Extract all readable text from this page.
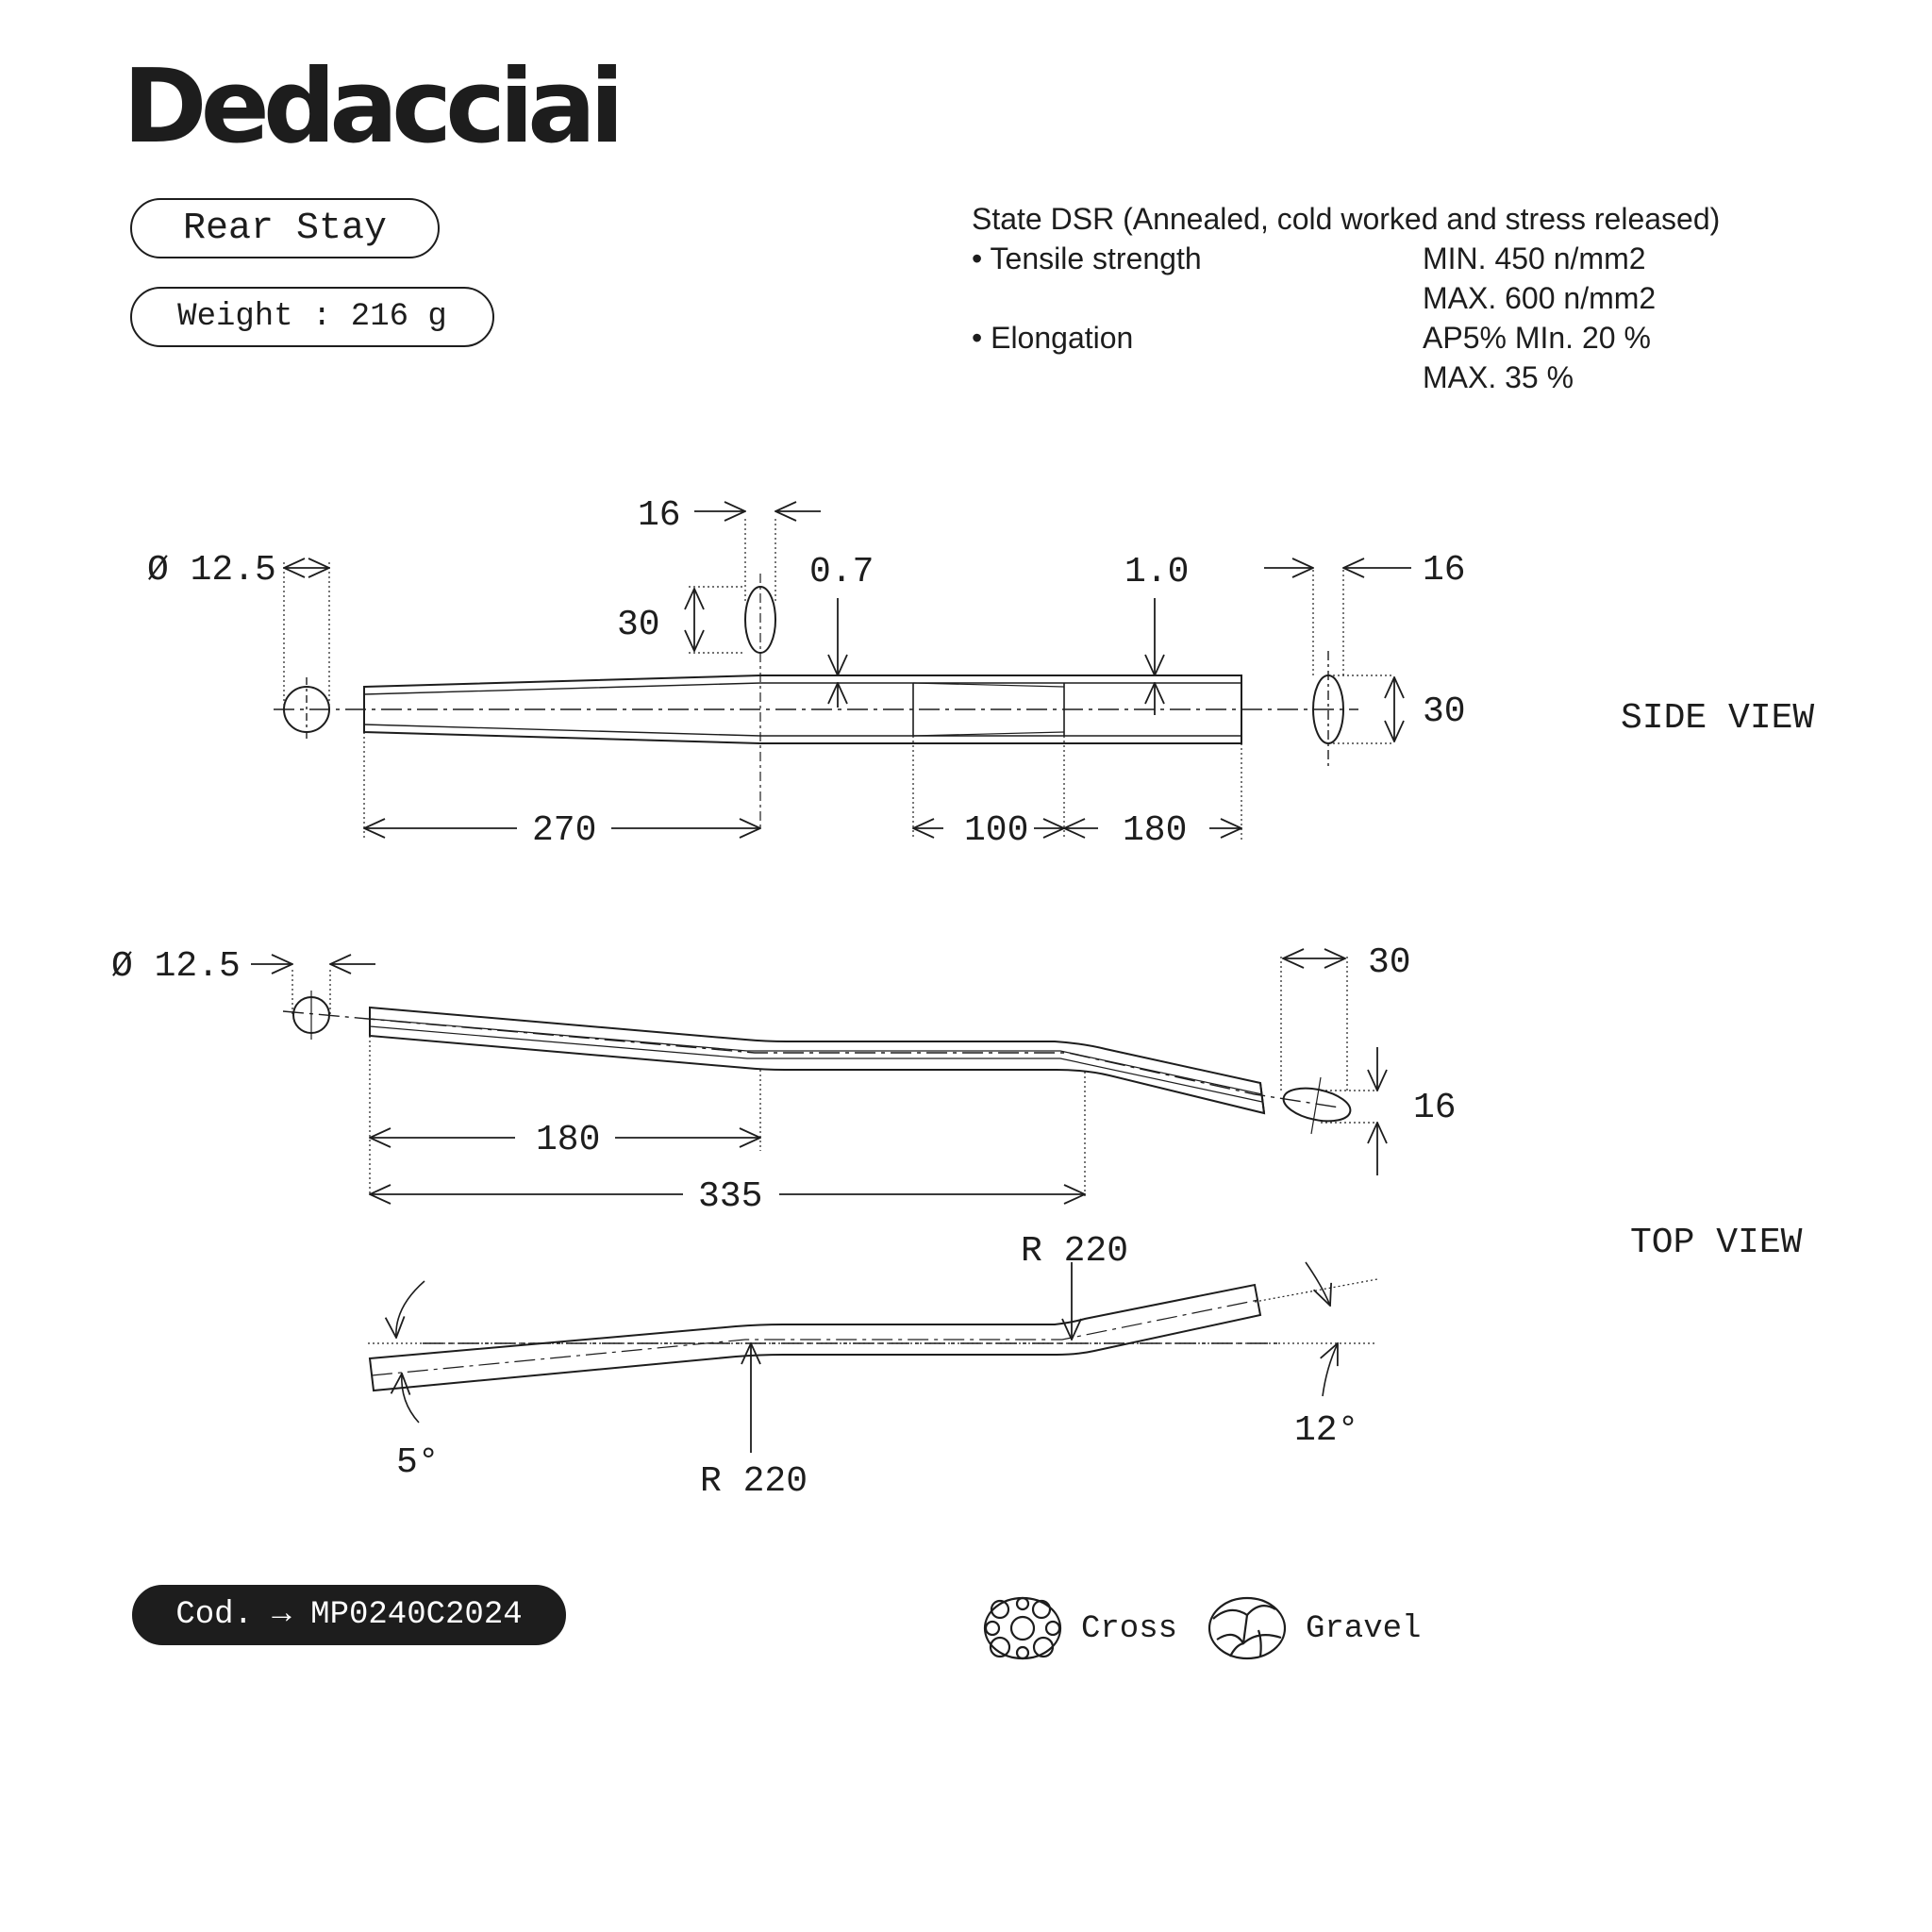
Dedacciai
Rear Stay
Weight : 216 g
State DSR (Annealed, cold worked and stress released)
• Tensile strength	MIN. 450 n/mm2
MAX. 600 n/mm2
• Elongation	AP5% MIn. 20 %
MAX. 35 %
SIDE VIEW
TOP VIEW
Ø 12.5
16
30
0.7	1.0	16
30
270	100	180
Ø 12.5	30
16
180
335
R 220
R 220
5°
12°
Cross	Gravel
Cod. → MP0240C2024
